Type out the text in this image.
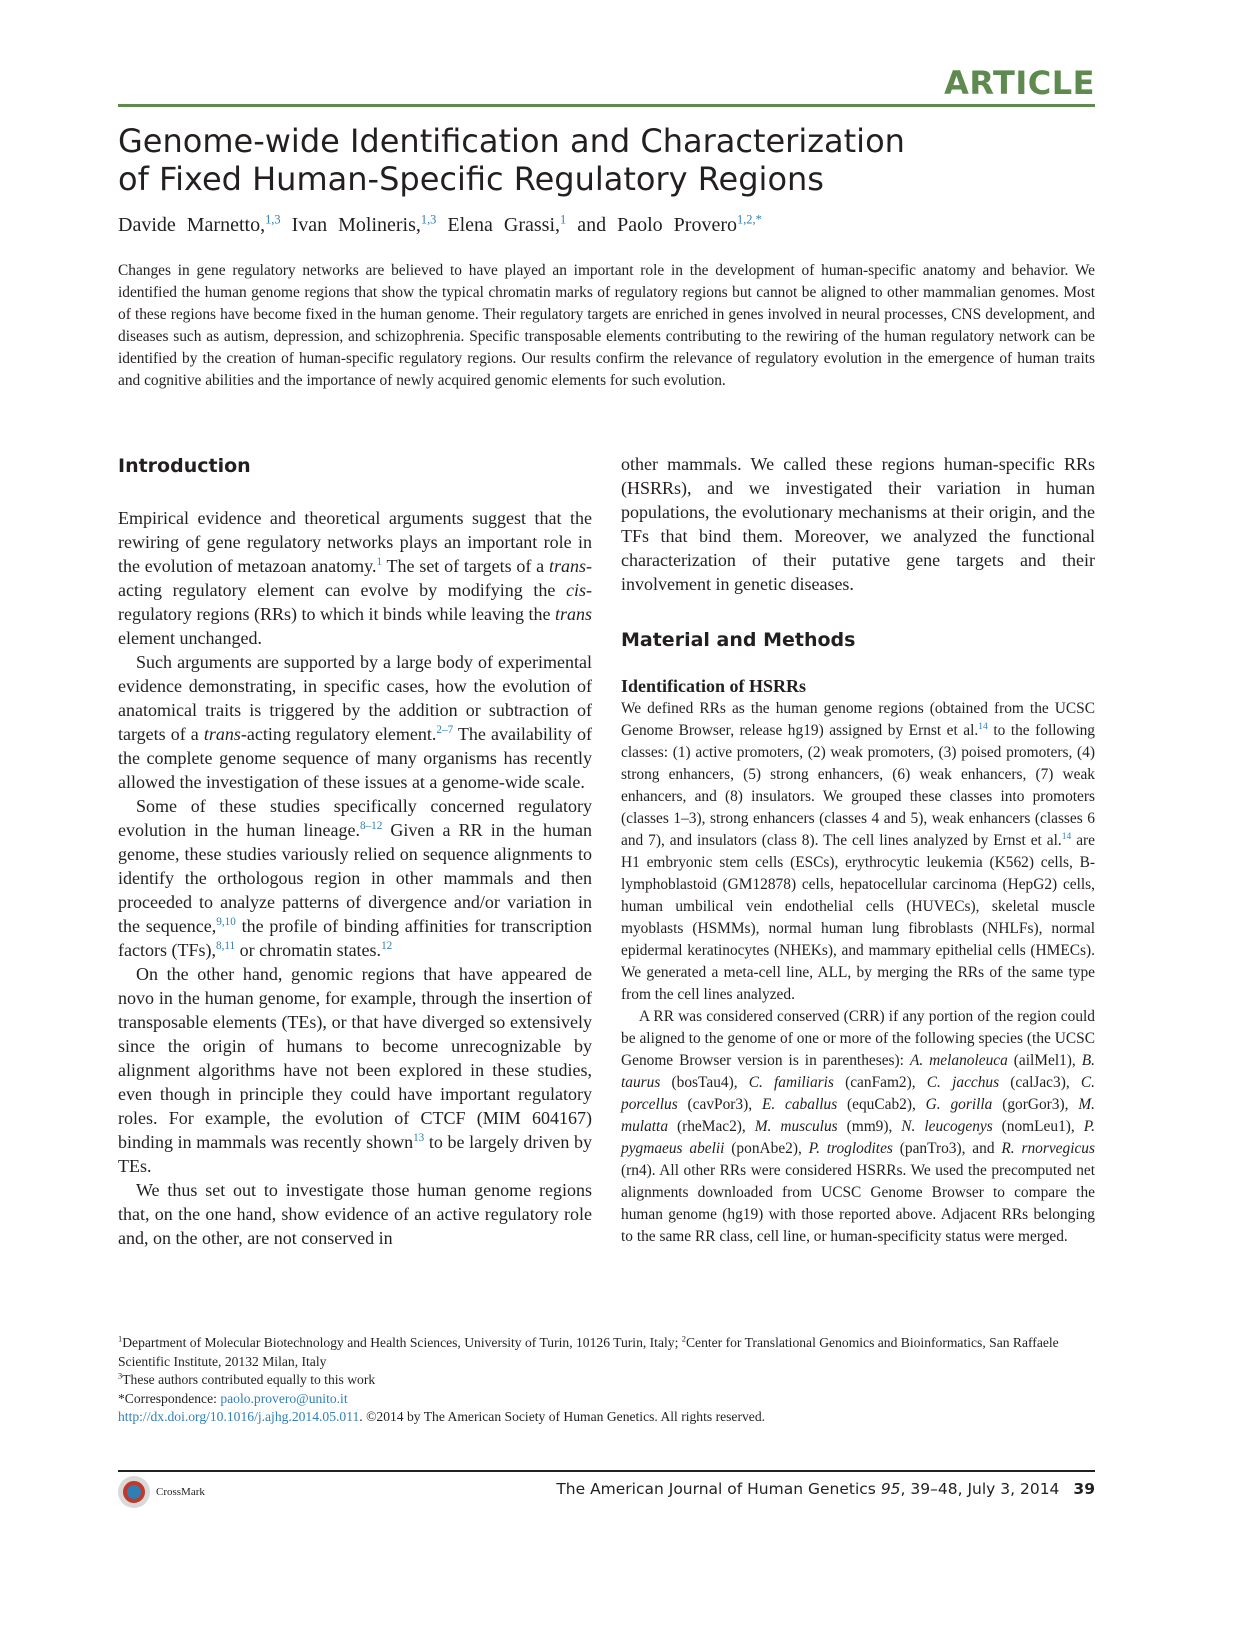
ARTICLE
Genome-wide Identification and Characterization
of Fixed Human-Specific Regulatory Regions
Davide Marnetto,$^{1,3}$ Ivan Molineris,$^{1,3}$ Elena Grassi,$^1$ and Paolo Provero$^{1,2,*}$

Changes in gene regulatory networks are believed to have played an important role in the development of human-specific anatomy and behavior. We identified the human genome regions that show the typical chromatin marks of regulatory regions but cannot be aligned to other mammalian genomes. Most of these regions have become fixed in the human genome. Their regulatory targets are enriched in genes involved in neural processes, CNS development, and diseases such as autism, depression, and schizophrenia. Specific transposable elements contributing to the rewiring of the human regulatory network can be identified by the creation of human-specific regulatory regions. Our results confirm the relevance of regulatory evolution in the emergence of human traits and cognitive abilities and the importance of newly acquired genomic elements for such evolution.

Introduction

Empirical evidence and theoretical arguments suggest that the rewiring of gene regulatory networks plays an important role in the evolution of metazoan anatomy.$^1$ The set of targets of a trans-acting regulatory element can evolve by modifying the cis-regulatory regions (RRs) to which it binds while leaving the trans element unchanged.

Such arguments are supported by a large body of experimental evidence demonstrating, in specific cases, how the evolution of anatomical traits is triggered by the addition or subtraction of targets of a trans-acting regulatory element.$^{2-7}$ The availability of the complete genome sequence of many organisms has recently allowed the investigation of these issues at a genome-wide scale.

Some of these studies specifically concerned regulatory evolution in the human lineage.$^{8-12}$ Given a RR in the human genome, these studies variously relied on sequence alignments to identify the orthologous region in other mammals and then proceeded to analyze patterns of divergence and/or variation in the sequence,$^{9,10}$ the profile of binding affinities for transcription factors (TFs),$^{8,11}$ or chromatin states.$^{12}$

On the other hand, genomic regions that have appeared de novo in the human genome, for example, through the insertion of transposable elements (TEs), or that have diverged so extensively since the origin of humans to become unrecognizable by alignment algorithms have not been explored in these studies, even though in principle they could have important regulatory roles. For example, the evolution of CTCF (MIM 604167) binding in mammals was recently shown$^{13}$ to be largely driven by TEs.

We thus set out to investigate those human genome regions that, on the one hand, show evidence of an active regulatory role and, on the other, are not conserved in

other mammals. We called these regions human-specific RRs (HSRRs), and we investigated their variation in human populations, the evolutionary mechanisms at their origin, and the TFs that bind them. Moreover, we analyzed the functional characterization of their putative gene targets and their involvement in genetic diseases.

Material and Methods
Identification of HSRRs

We defined RRs as the human genome regions (obtained from the UCSC Genome Browser, release hg19) assigned by Ernst et al.$^{14}$ to the following classes: (1) active promoters, (2) weak promoters, (3) poised promoters, (4) strong enhancers, (5) strong enhancers, (6) weak enhancers, (7) weak enhancers, and (8) insulators. We grouped these classes into promoters (classes 1–3), strong enhancers (classes 4 and 5), weak enhancers (classes 6 and 7), and insulators (class 8). The cell lines analyzed by Ernst et al.$^{14}$ are H1 embryonic stem cells (ESCs), erythrocytic leukemia (K562) cells, B-lymphoblastoid (GM12878) cells, hepatocellular carcinoma (HepG2) cells, human umbilical vein endothelial cells (HUVECs), skeletal muscle myoblasts (HSMMs), normal human lung fibroblasts (NHLFs), normal epidermal keratinocytes (NHEKs), and mammary epithelial cells (HMECs). We generated a meta-cell line, ALL, by merging the RRs of the same type from the cell lines analyzed.

A RR was considered conserved (CRR) if any portion of the region could be aligned to the genome of one or more of the following species (the UCSC Genome Browser version is in parentheses): A. melanoleuca (ailMel1), B. taurus (bosTau4), C. familiaris (canFam2), C. jacchus (calJac3), C. porcellus (cavPor3), E. caballus (equCab2), G. gorilla (gorGor3), M. mulatta (rheMac2), M. musculus (mm9), N. leucogenys (nomLeu1), P. pygmaeus abelii (ponAbe2), P. troglodites (panTro3), and R. rnorvegicus (rn4). All other RRs were considered HSRRs. We used the precomputed net alignments downloaded from UCSC Genome Browser to compare the human genome (hg19) with those reported above. Adjacent RRs belonging to the same RR class, cell line, or human-specificity status were merged.

$^1$Department of Molecular Biotechnology and Health Sciences, University of Turin, 10126 Turin, Italy; $^2$Center for Translational Genomics and Bioinformatics, San Raffaele Scientific Institute, 20132 Milan, Italy

$^3$These authors contributed equally to this work

*Correspondence: paolo.provero@unito.it

http://dx.doi.org/10.1016/j.ajhg.2014.05.011. ©2014 by The American Society of Human Genetics. All rights reserved.

CrossMark	The American Journal of Human Genetics 95, 39–48, July 3, 2014 39
